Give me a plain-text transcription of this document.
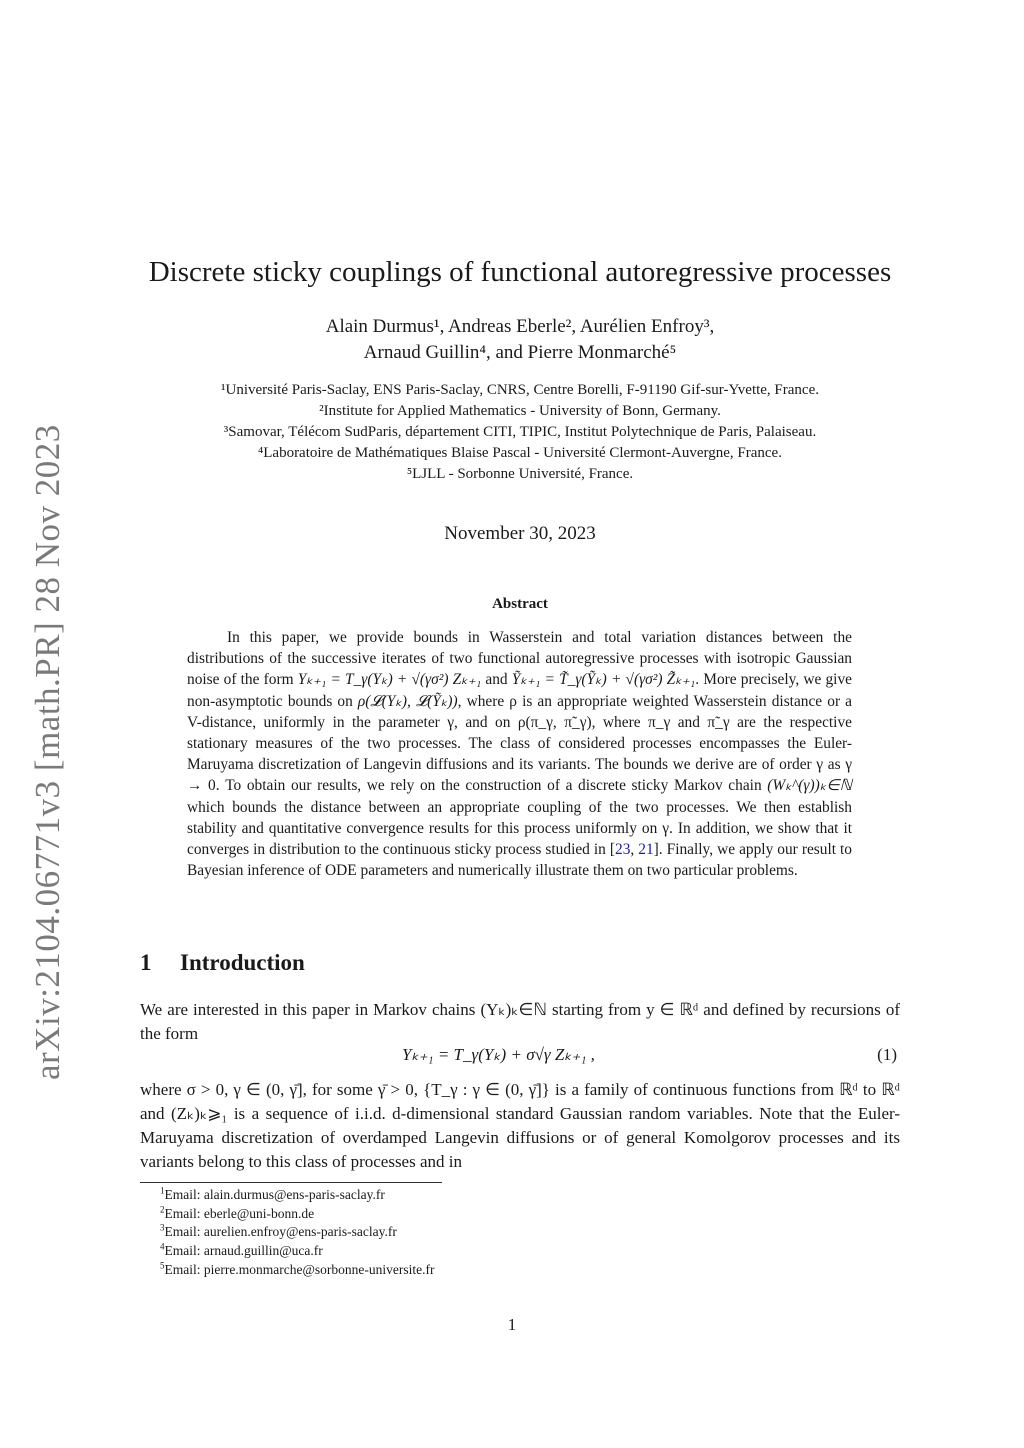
arXiv:2104.06771v3 [math.PR] 28 Nov 2023
Discrete sticky couplings of functional autoregressive processes
Alain Durmus¹, Andreas Eberle², Aurélien Enfroy³,
Arnaud Guillin⁴, and Pierre Monmarché⁵
¹Université Paris-Saclay, ENS Paris-Saclay, CNRS, Centre Borelli, F-91190 Gif-sur-Yvette, France.
²Institute for Applied Mathematics - University of Bonn, Germany.
³Samovar, Télécom SudParis, département CITI, TIPIC, Institut Polytechnique de Paris, Palaiseau.
⁴Laboratoire de Mathématiques Blaise Pascal - Université Clermont-Auvergne, France.
⁵LJLL - Sorbonne Université, France.
November 30, 2023
Abstract

In this paper, we provide bounds in Wasserstein and total variation distances between the distributions of the successive iterates of two functional autoregressive processes with isotropic Gaussian noise of the form Yₖ₊₁ = T_γ(Yₖ) + √(γσ²) Zₖ₊₁ and Ỹₖ₊₁ = T̃_γ(Ỹₖ) + √(γσ²) Z̃ₖ₊₁. More precisely, we give non-asymptotic bounds on ρ(𝓛(Yₖ), 𝓛(Ỹₖ)), where ρ is an appropriate weighted Wasserstein distance or a V-distance, uniformly in the parameter γ, and on ρ(π_γ, π̃_γ), where π_γ and π̃_γ are the respective stationary measures of the two processes. The class of considered processes encompasses the Euler-Maruyama discretization of Langevin diffusions and its variants. The bounds we derive are of order γ as γ → 0. To obtain our results, we rely on the construction of a discrete sticky Markov chain (Wₖ^(γ))ₖ∈ℕ which bounds the distance between an appropriate coupling of the two processes. We then establish stability and quantitative convergence results for this process uniformly on γ. In addition, we show that it converges in distribution to the continuous sticky process studied in [23, 21]. Finally, we apply our result to Bayesian inference of ODE parameters and numerically illustrate them on two particular problems.

1 Introduction

We are interested in this paper in Markov chains (Yₖ)ₖ∈ℕ starting from y ∈ ℝᵈ and defined by recursions of the form

Yₖ₊₁ = T_γ(Yₖ) + σ√γ Zₖ₊₁ ,	(1)

where σ > 0, γ ∈ (0, γ̄], for some γ̄ > 0, {T_γ : γ ∈ (0, γ̄]} is a family of continuous functions from ℝᵈ to ℝᵈ and (Zₖ)ₖ⩾₁ is a sequence of i.i.d. d-dimensional standard Gaussian random variables. Note that the Euler-Maruyama discretization of overdamped Langevin diffusions or of general Komolgorov processes and its variants belong to this class of processes and in

$^1$Email: alain.durmus@ens-paris-saclay.fr
$^2$Email: eberle@uni-bonn.de
$^3$Email: aurelien.enfroy@ens-paris-saclay.fr
$^4$Email: arnaud.guillin@uca.fr
$^5$Email: pierre.monmarche@sorbonne-universite.fr
1
